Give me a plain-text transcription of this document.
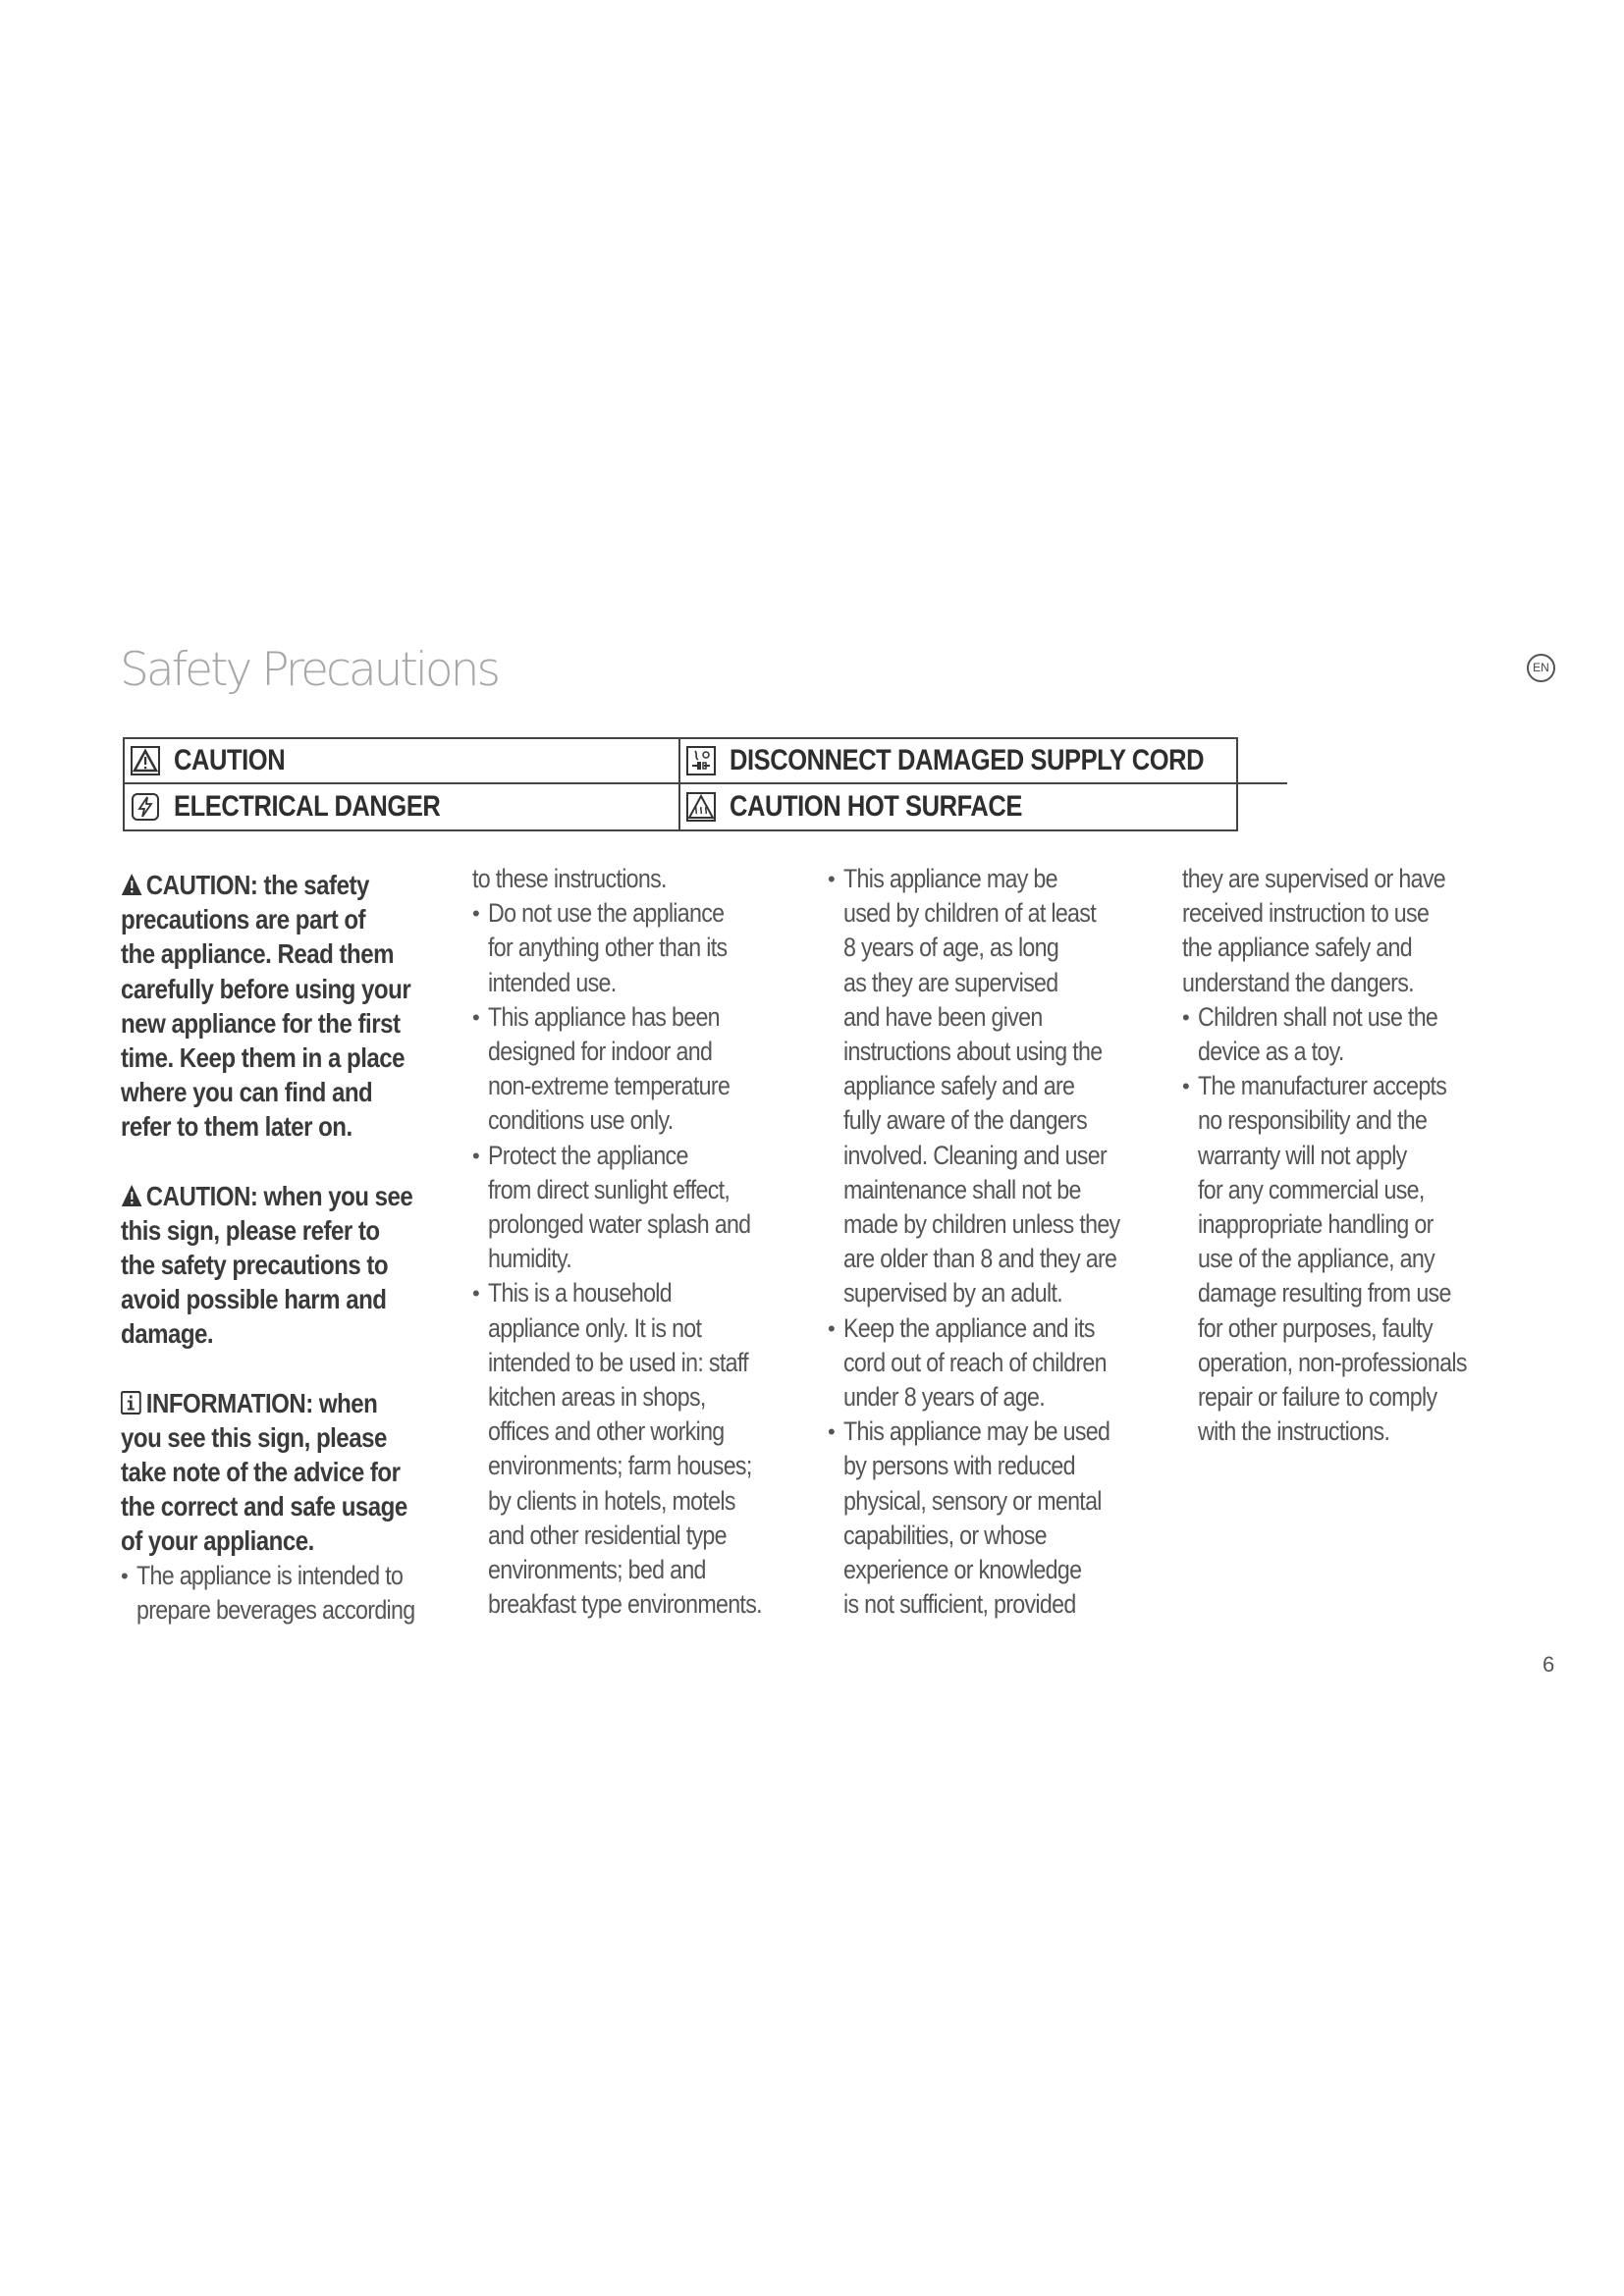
Safety Precautions	EN
CAUTION	DISCONNECT DAMAGED SUPPLY CORD
ELECTRICAL DANGER	CAUTION HOT SURFACE
CAUTION: the safety
precautions are part of
the appliance. Read them
carefully before using your
new appliance for the first
time. Keep them in a place
where you can find and
refer to them later on.
CAUTION: when you see
this sign, please refer to
the safety precautions to
avoid possible harm and
damage.
INFORMATION: when
you see this sign, please
take note of the advice for
the correct and safe usage
of your appliance.
• The appliance is intended to
prepare beverages according
to these instructions.
• Do not use the appliance
for anything other than its
intended use.
• This appliance has been
designed for indoor and
non-extreme temperature
conditions use only.
• Protect the appliance
from direct sunlight effect,
prolonged water splash and
humidity.
• This is a household
appliance only. It is not
intended to be used in: staff
kitchen areas in shops,
offices and other working
environments; farm houses;
by clients in hotels, motels
and other residential type
environments; bed and
breakfast type environments.
• This appliance may be
used by children of at least
8 years of age, as long
as they are supervised
and have been given
instructions about using the
appliance safely and are
fully aware of the dangers
involved. Cleaning and user
maintenance shall not be
made by children unless they
are older than 8 and they are
supervised by an adult.
• Keep the appliance and its
cord out of reach of children
under 8 years of age.
• This appliance may be used
by persons with reduced
physical, sensory or mental
capabilities, or whose
experience or knowledge
is not sufficient, provided
they are supervised or have
received instruction to use
the appliance safely and
understand the dangers.
• Children shall not use the
device as a toy.
• The manufacturer accepts
no responsibility and the
warranty will not apply
for any commercial use,
inappropriate handling or
use of the appliance, any
damage resulting from use
for other purposes, faulty
operation, non-professionals
repair or failure to comply
with the instructions.
6
